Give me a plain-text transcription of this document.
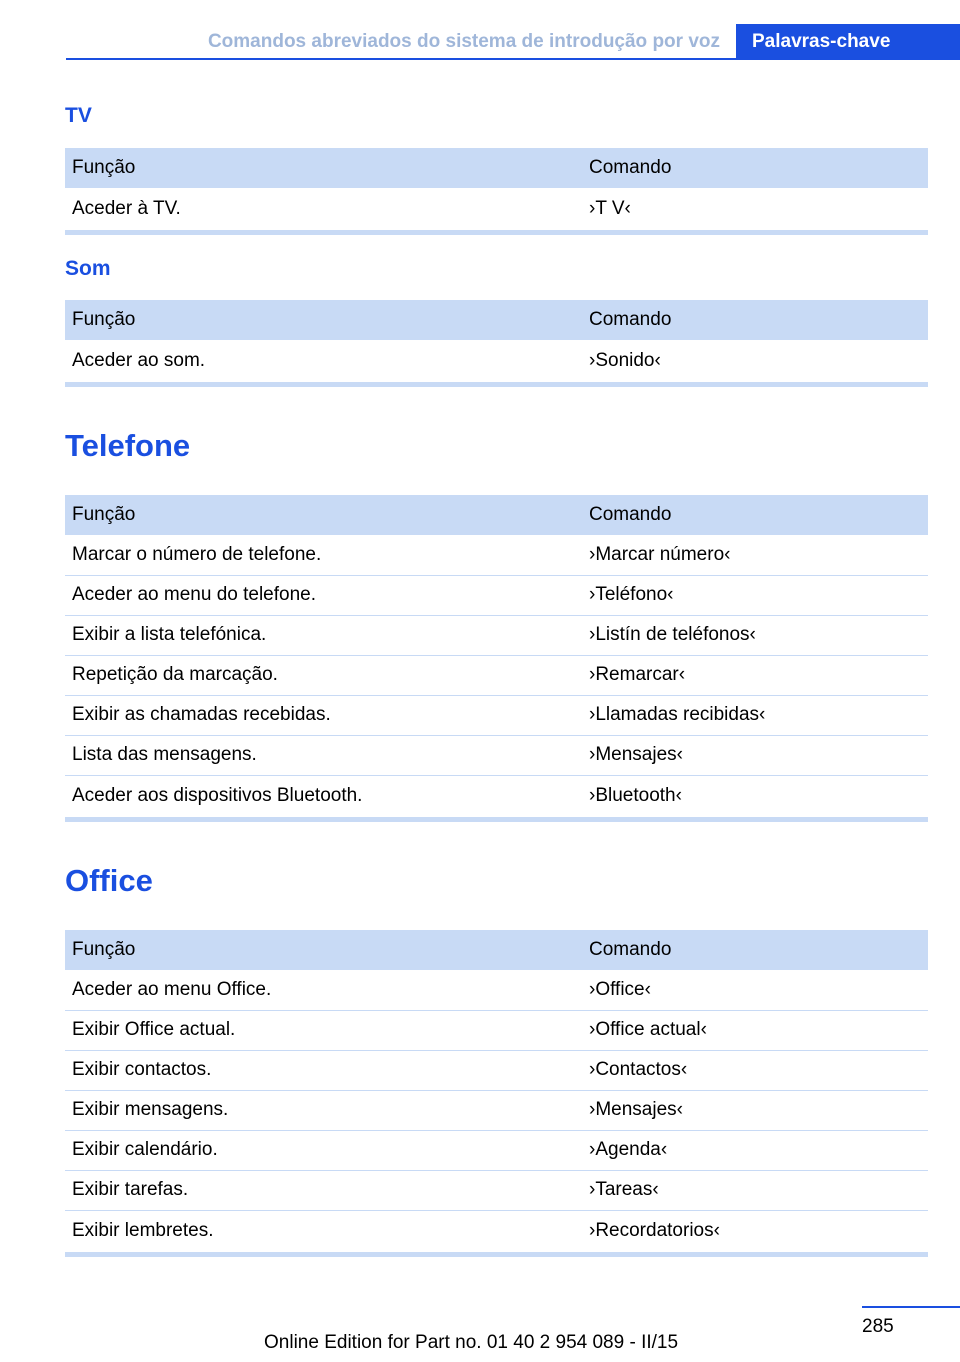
Comandos abreviados do sistema de introdução por voz	Palavras-chave
TV
Função	Comando
Aceder à TV.	›T V‹
Som
Função	Comando
Aceder ao som.	›Sonido‹
Telefone
Função	Comando
Marcar o número de telefone.	›Marcar número‹
Aceder ao menu do telefone.	›Teléfono‹
Exibir a lista telefónica.	›Listín de teléfonos‹
Repetição da marcação.	›Remarcar‹
Exibir as chamadas recebidas.	›Llamadas recibidas‹
Lista das mensagens.	›Mensajes‹
Aceder aos dispositivos Bluetooth.	›Bluetooth‹
Office
Função	Comando
Aceder ao menu Office.	›Office‹
Exibir Office actual.	›Office actual‹
Exibir contactos.	›Contactos‹
Exibir mensagens.	›Mensajes‹
Exibir calendário.	›Agenda‹
Exibir tarefas.	›Tareas‹
Exibir lembretes.	›Recordatorios‹
285
Online Edition for Part no. 01 40 2 954 089 - II/15
